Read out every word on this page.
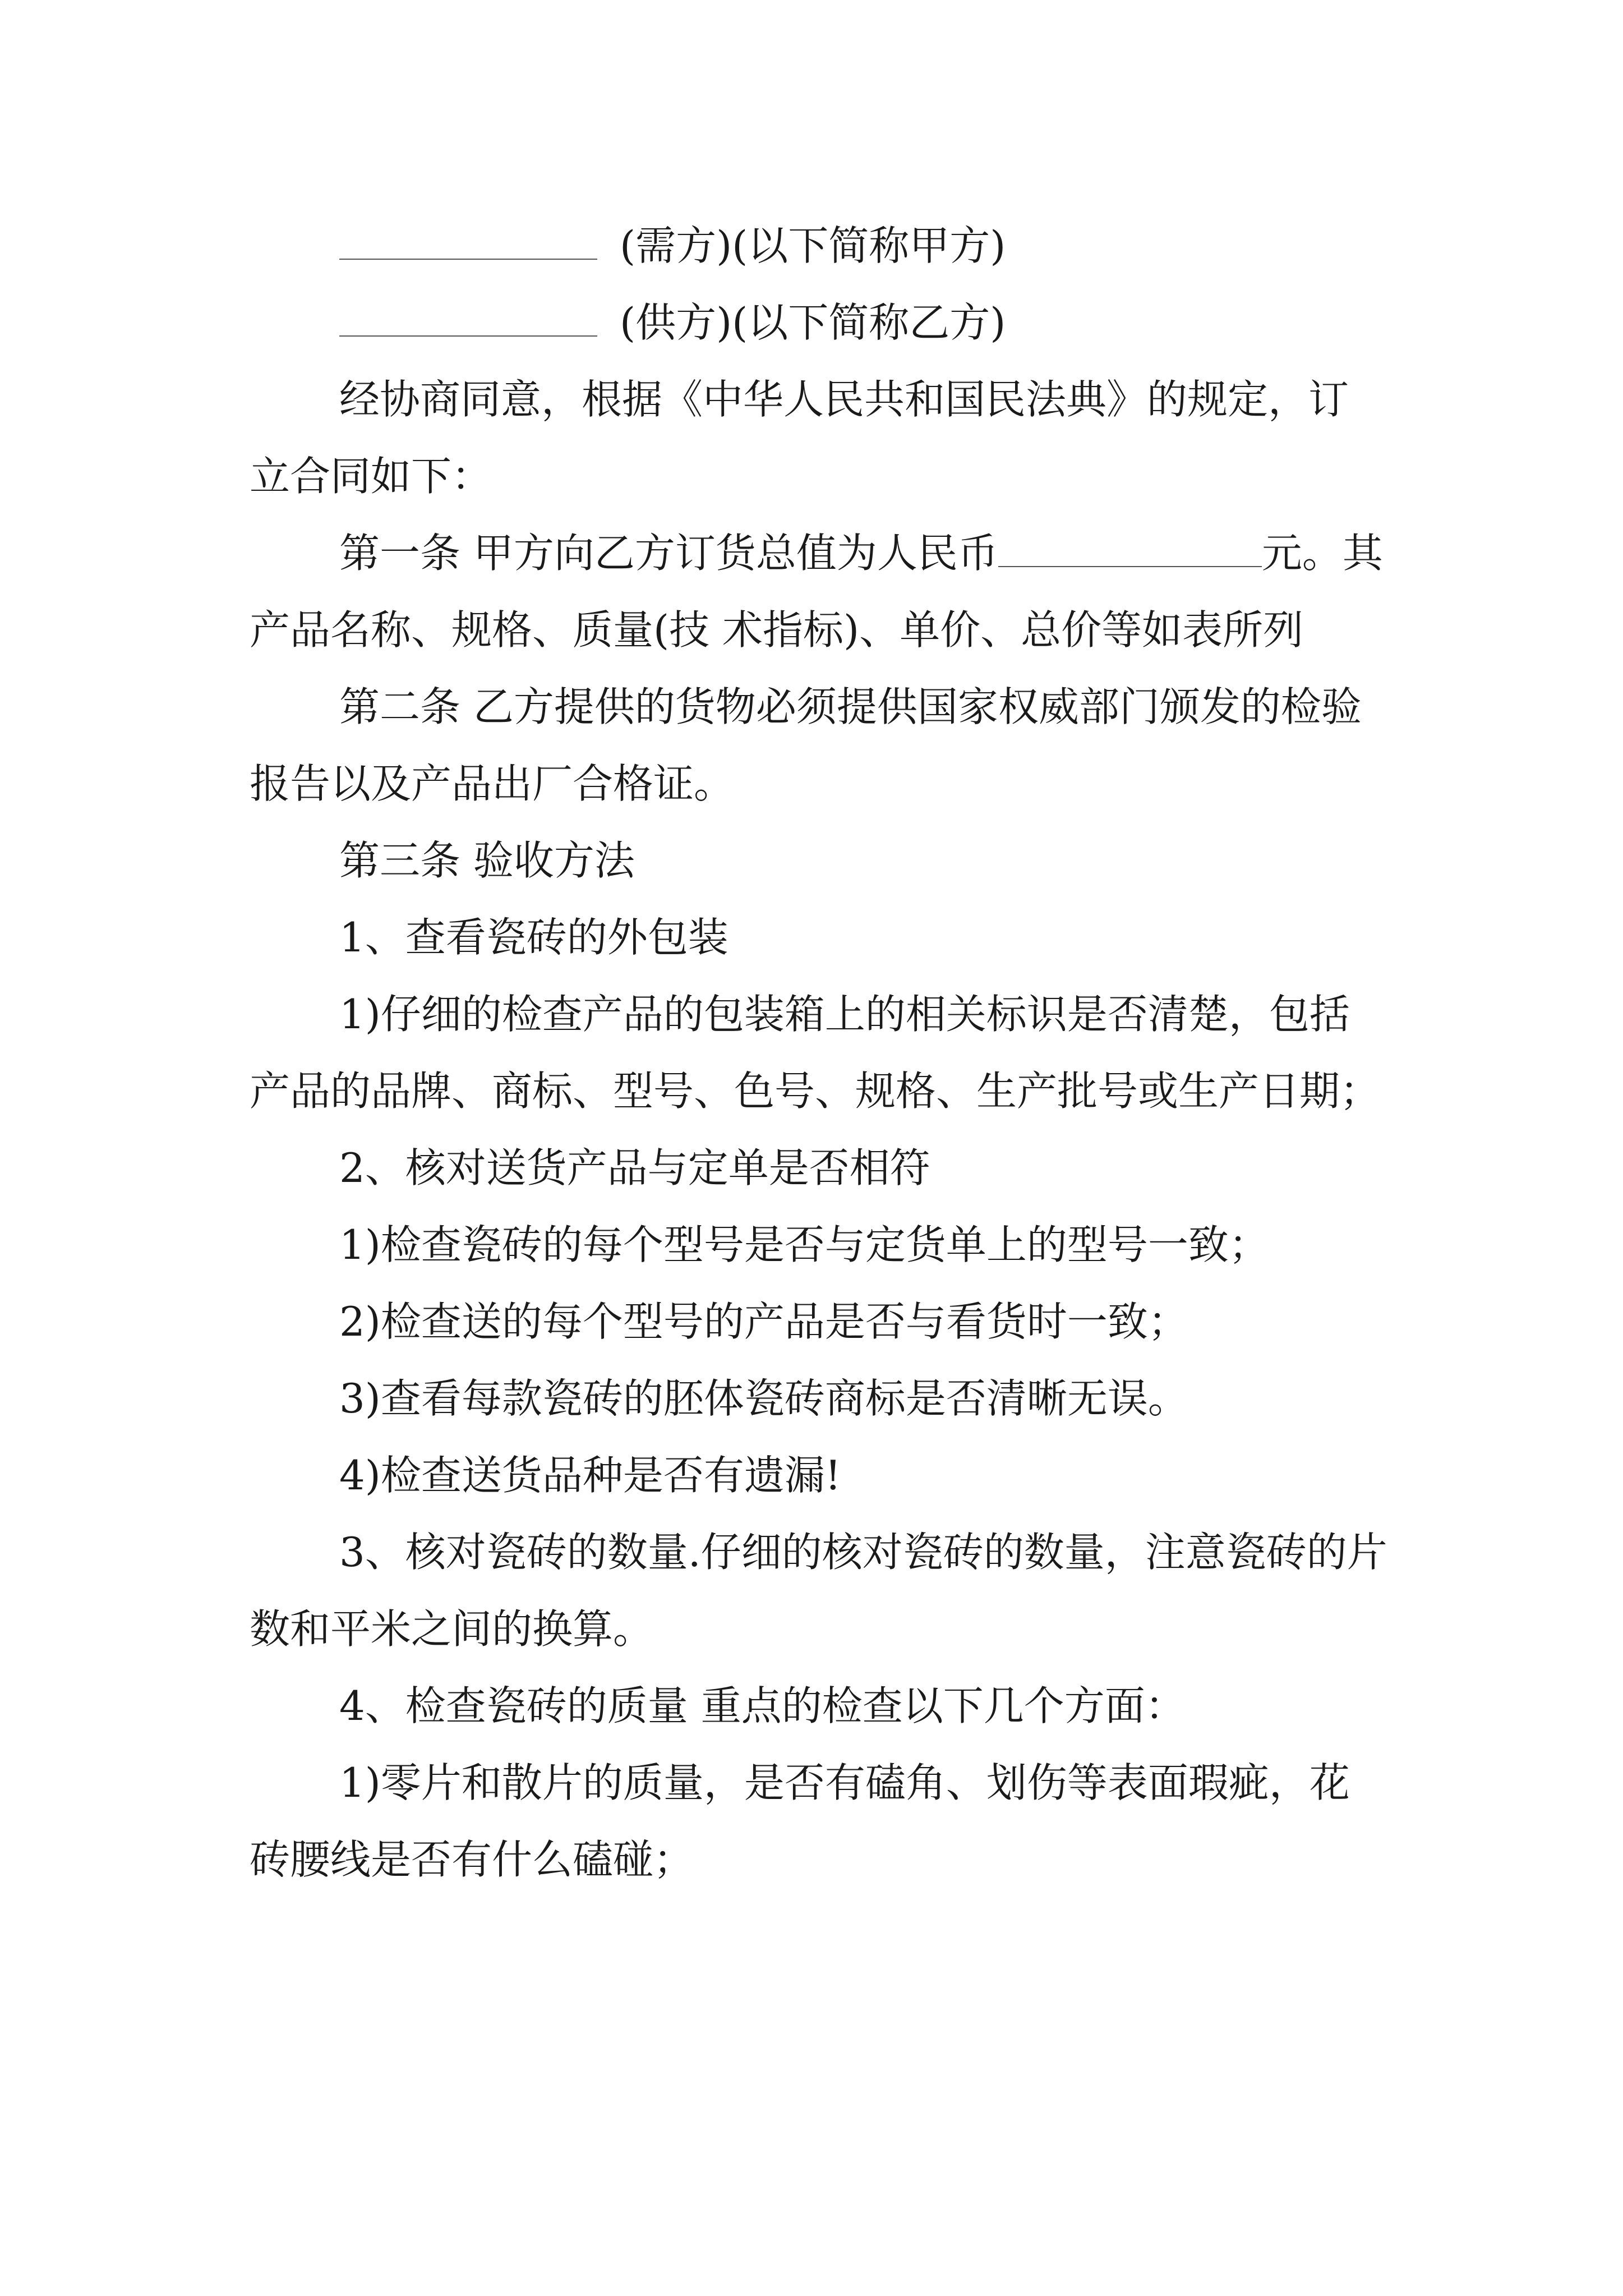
(需方)(以下简称甲方)
(供方)(以下简称乙方)

经协商同意，根据《中华人民共和国民法典》的规定，订立合同如下：

第一条 甲方向乙方订货总值为人民币	元。其产品名称、规格、质量(技 术指标)、单价、总价等如表所列

第二条 乙方提供的货物必须提供国家权威部门颁发的检验报告以及产品出厂合格证。

第三条 验收方法

1、查看瓷砖的外包装

1)仔细的检查产品的包装箱上的相关标识是否清楚，包括产品的品牌、商标、型号、色号、规格、生产批号或生产日期；

2、核对送货产品与定单是否相符

1)检查瓷砖的每个型号是否与定货单上的型号一致；

2)检查送的每个型号的产品是否与看货时一致；

3)查看每款瓷砖的胚体瓷砖商标是否清晰无误。

4)检查送货品种是否有遗漏!

3、核对瓷砖的数量.仔细的核对瓷砖的数量，注意瓷砖的片数和平米之间的换算。

4、检查瓷砖的质量 重点的检查以下几个方面：

1)零片和散片的质量，是否有磕角、划伤等表面瑕疵，花砖腰线是否有什么磕碰；
